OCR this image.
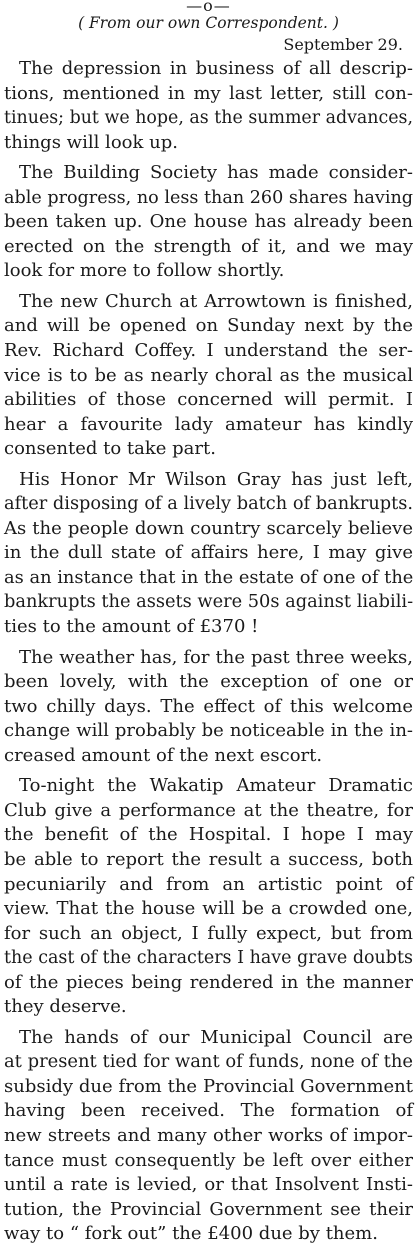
—o—
( From our own Correspondent. )
September 29.
The depression in business of all descrip-
tions, mentioned in my last letter, still con-
tinues; but we hope, as the summer advances,
things will look up.
The Building Society has made consider-
able progress, no less than 260 shares having
been taken up. One house has already been
erected on the strength of it, and we may
look for more to follow shortly.
The new Church at Arrowtown is finished,
and will be opened on Sunday next by the
Rev. Richard Coffey. I understand the ser-
vice is to be as nearly choral as the musical
abilities of those concerned will permit. I
hear a favourite lady amateur has kindly
consented to take part.
His Honor Mr Wilson Gray has just left,
after disposing of a lively batch of bankrupts.
As the people down country scarcely believe
in the dull state of affairs here, I may give
as an instance that in the estate of one of the
bankrupts the assets were 50s against liabili-
ties to the amount of £370 !
The weather has, for the past three weeks,
been lovely, with the exception of one or
two chilly days. The effect of this welcome
change will probably be noticeable in the in-
creased amount of the next escort.
To-night the Wakatip Amateur Dramatic
Club give a performance at the theatre, for
the benefit of the Hospital. I hope I may
be able to report the result a success, both
pecuniarily and from an artistic point of
view. That the house will be a crowded one,
for such an object, I fully expect, but from
the cast of the characters I have grave doubts
of the pieces being rendered in the manner
they deserve.
The hands of our Municipal Council are
at present tied for want of funds, none of the
subsidy due from the Provincial Government
having been received. The formation of
new streets and many other works of impor-
tance must consequently be left over either
until a rate is levied, or that Insolvent Insti-
tution, the Provincial Government see their
way to “ fork out” the £400 due by them.
